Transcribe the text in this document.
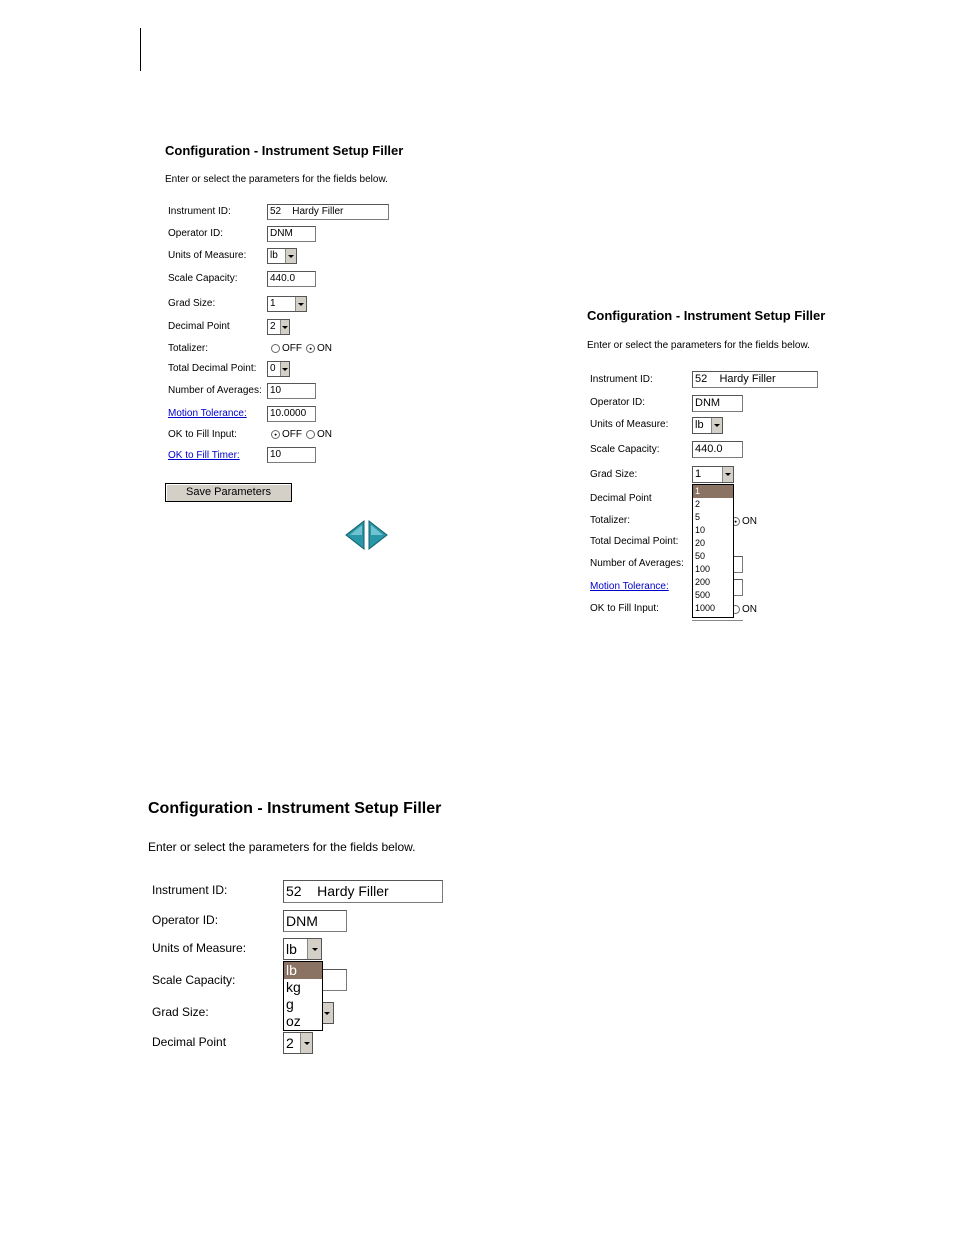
Configuration - Instrument Setup Filler
Enter or select the parameters for the fields below.
Instrument ID:	52    Hardy Filler
Operator ID:	DNM
Units of Measure:	lb
Scale Capacity:	440.0
Grad Size:	1
Decimal Point	2
Totalizer:	OFF ON
Total Decimal Point:	0
Number of Averages: 10
Motion Tolerance:	10.0000
OK to Fill Input:	OFF ON
OK to Fill Timer:	10
Save Parameters
Configuration - Instrument Setup Filler
Enter or select the parameters for the fields below.
Instrument ID:	52    Hardy Filler
Operator ID:	DNM
Units of Measure: lb
Scale Capacity:	440.0
Grad Size:	1
Decimal Point
Totalizer:	ON
Total Decimal Point:
Number of Averages:
Motion Tolerance:
OK to Fill Input:	ON
1
2
5
10
20
50
100
200
500
1000
Configuration - Instrument Setup Filler
Enter or select the parameters for the fields below.
Instrument ID:	52    Hardy Filler
Operator ID:	DNM
Units of Measure:	lb
Scale Capacity:
Grad Size:
Decimal Point	2
lb
kg
g
oz
